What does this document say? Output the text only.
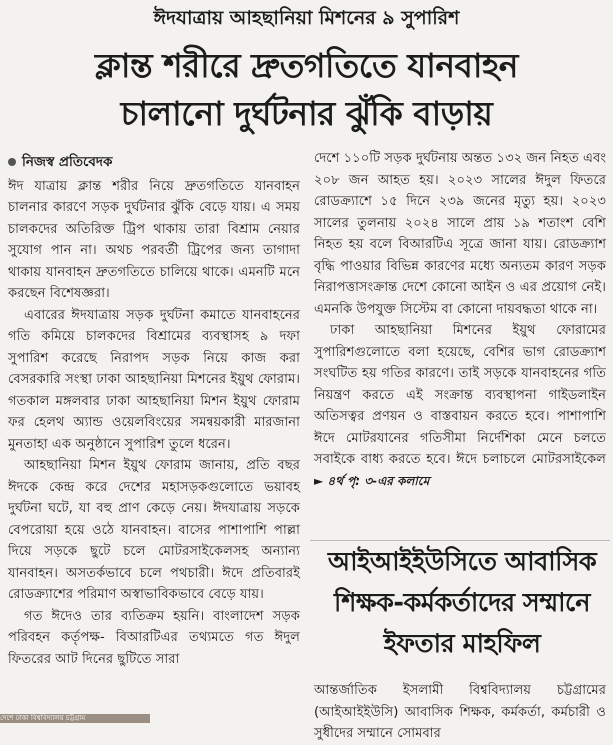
ঈদযাত্রায় আহছানিয়া মিশনের ৯ সুপারিশ
ক্লান্ত শরীরে দ্রুতগতিতে যানবাহন
চালানো দুর্ঘটনার ঝুঁকি বাড়ায়
নিজস্ব প্রতিবেদক

ঈদ যাত্রায় ক্লান্ত শরীর নিয়ে দ্রুতগতিতে যানবাহন চালনার কারণে সড়ক দুর্ঘটনার ঝুঁকি বেড়ে যায়। এ সময় চালকদের অতিরিক্ত ট্রিপ থাকায় তারা বিশ্রাম নেয়ার সুযোগ পান না। অথচ পরবর্তী ট্রিপের জন্য তাগাদা থাকায় যানবাহন দ্রুতগতিতে চালিয়ে থাকে। এমনটি মনে করছেন বিশেষজ্ঞরা।

এবারের ঈদযাত্রায় সড়ক দুর্ঘটনা কমাতে যানবাহনের গতি কমিয়ে চালকদের বিশ্রামের ব্যবস্থাসহ ৯ দফা সুপারিশ করেছে নিরাপদ সড়ক নিয়ে কাজ করা বেসরকারি সংস্থা ঢাকা আহছানিয়া মিশনের ইয়ুথ ফোরাম। গতকাল মঙ্গলবার ঢাকা আহছানিয়া মিশন ইয়ুথ ফোরাম ফর হেলথ অ্যান্ড ওয়েলবিংয়ের সমন্বয়কারী মারজানা মুনতাহা এক অনুষ্ঠানে সুপারিশ তুলে ধরেন।

আহছানিয়া মিশন ইয়ুথ ফোরাম জানায়, প্রতি বছর ঈদকে কেন্দ্র করে দেশের মহাসড়কগুলোতে ভয়াবহ দুর্ঘটনা ঘটে, যা বহু প্রাণ কেড়ে নেয়। ঈদযাত্রায় সড়কে বেপরোয়া হয়ে ওঠে যানবাহন। বাসের পাশাপাশি পাল্লা দিয়ে সড়কে ছুটে চলে মোটরসাইকেলসহ অন্যান্য যানবাহন। অসতর্কভাবে চলে পথচারী। ঈদে প্রতিবারই রোডক্র্যাশের পরিমাণ অস্বাভাবিকভাবে বেড়ে যায়।

গত ঈদেও তার ব্যতিক্রম হয়নি। বাংলাদেশ সড়ক পরিবহন কর্তৃপক্ষ- বিআরটিএর তথ্যমতে গত ঈদুল ফিতরের আট দিনের ছুটিতে সারা

দেশে ১১০টি সড়ক দুর্ঘটনায় অন্তত ১৩২ জন নিহত এবং ২০৮ জন আহত হয়। ২০২৩ সালের ঈদুল ফিতরে রোডক্র্যাশে ১৫ দিনে ২৩৯ জনের মৃত্যু হয়। ২০২৩ সালের তুলনায় ২০২৪ সালে প্রায় ১৯ শতাংশ বেশি নিহত হয় বলে বিআরটিএ সূত্রে জানা যায়। রোডক্র্যাশ বৃদ্ধি পাওয়ার বিভিন্ন কারণের মধ্যে অন্যতম কারণ সড়ক নিরাপত্তাসংক্রান্ত দেশে কোনো আইন ও এর প্রয়োগ নেই। এমনকি উপযুক্ত সিস্টেম বা কোনো দায়বদ্ধতা থাকে না।

ঢাকা আহছানিয়া মিশনের ইয়ুথ ফোরামের সুপারিশগুলোতে বলা হয়েছে, বেশির ভাগ রোডক্র্যাশ সংঘটিত হয় গতির কারণে। তাই সড়কে যানবাহনের গতি নিয়ন্ত্রণ করতে এই সংক্রান্ত ব্যবস্থাপনা গাইডলাইন অতিসত্বর প্রণয়ন ও বাস্তবায়ন করতে হবে। পাশাপাশি ঈদে মোটরযানের গতিসীমা নির্দেশিকা মেনে চলতে সবাইকে বাধ্য করতে হবে। ঈদে চলাচলে মোটরসাইকেল ► ৪র্থ পৃ: ৩-এর কলামে

আইআইইউসিতে আবাসিক
শিক্ষক-কর্মকর্তাদের সম্মানে
ইফতার মাহফিল

আন্তর্জাতিক ইসলামী বিশ্ববিদ্যালয় চট্টগ্রামের (আইআইইউসি) আবাসিক শিক্ষক, কর্মকর্তা, কর্মচারী ও সুধীদের সম্মানে সোমবার

দেশে ঢাকা বিশ্ববিদ্যালয় চট্টগ্রাম
